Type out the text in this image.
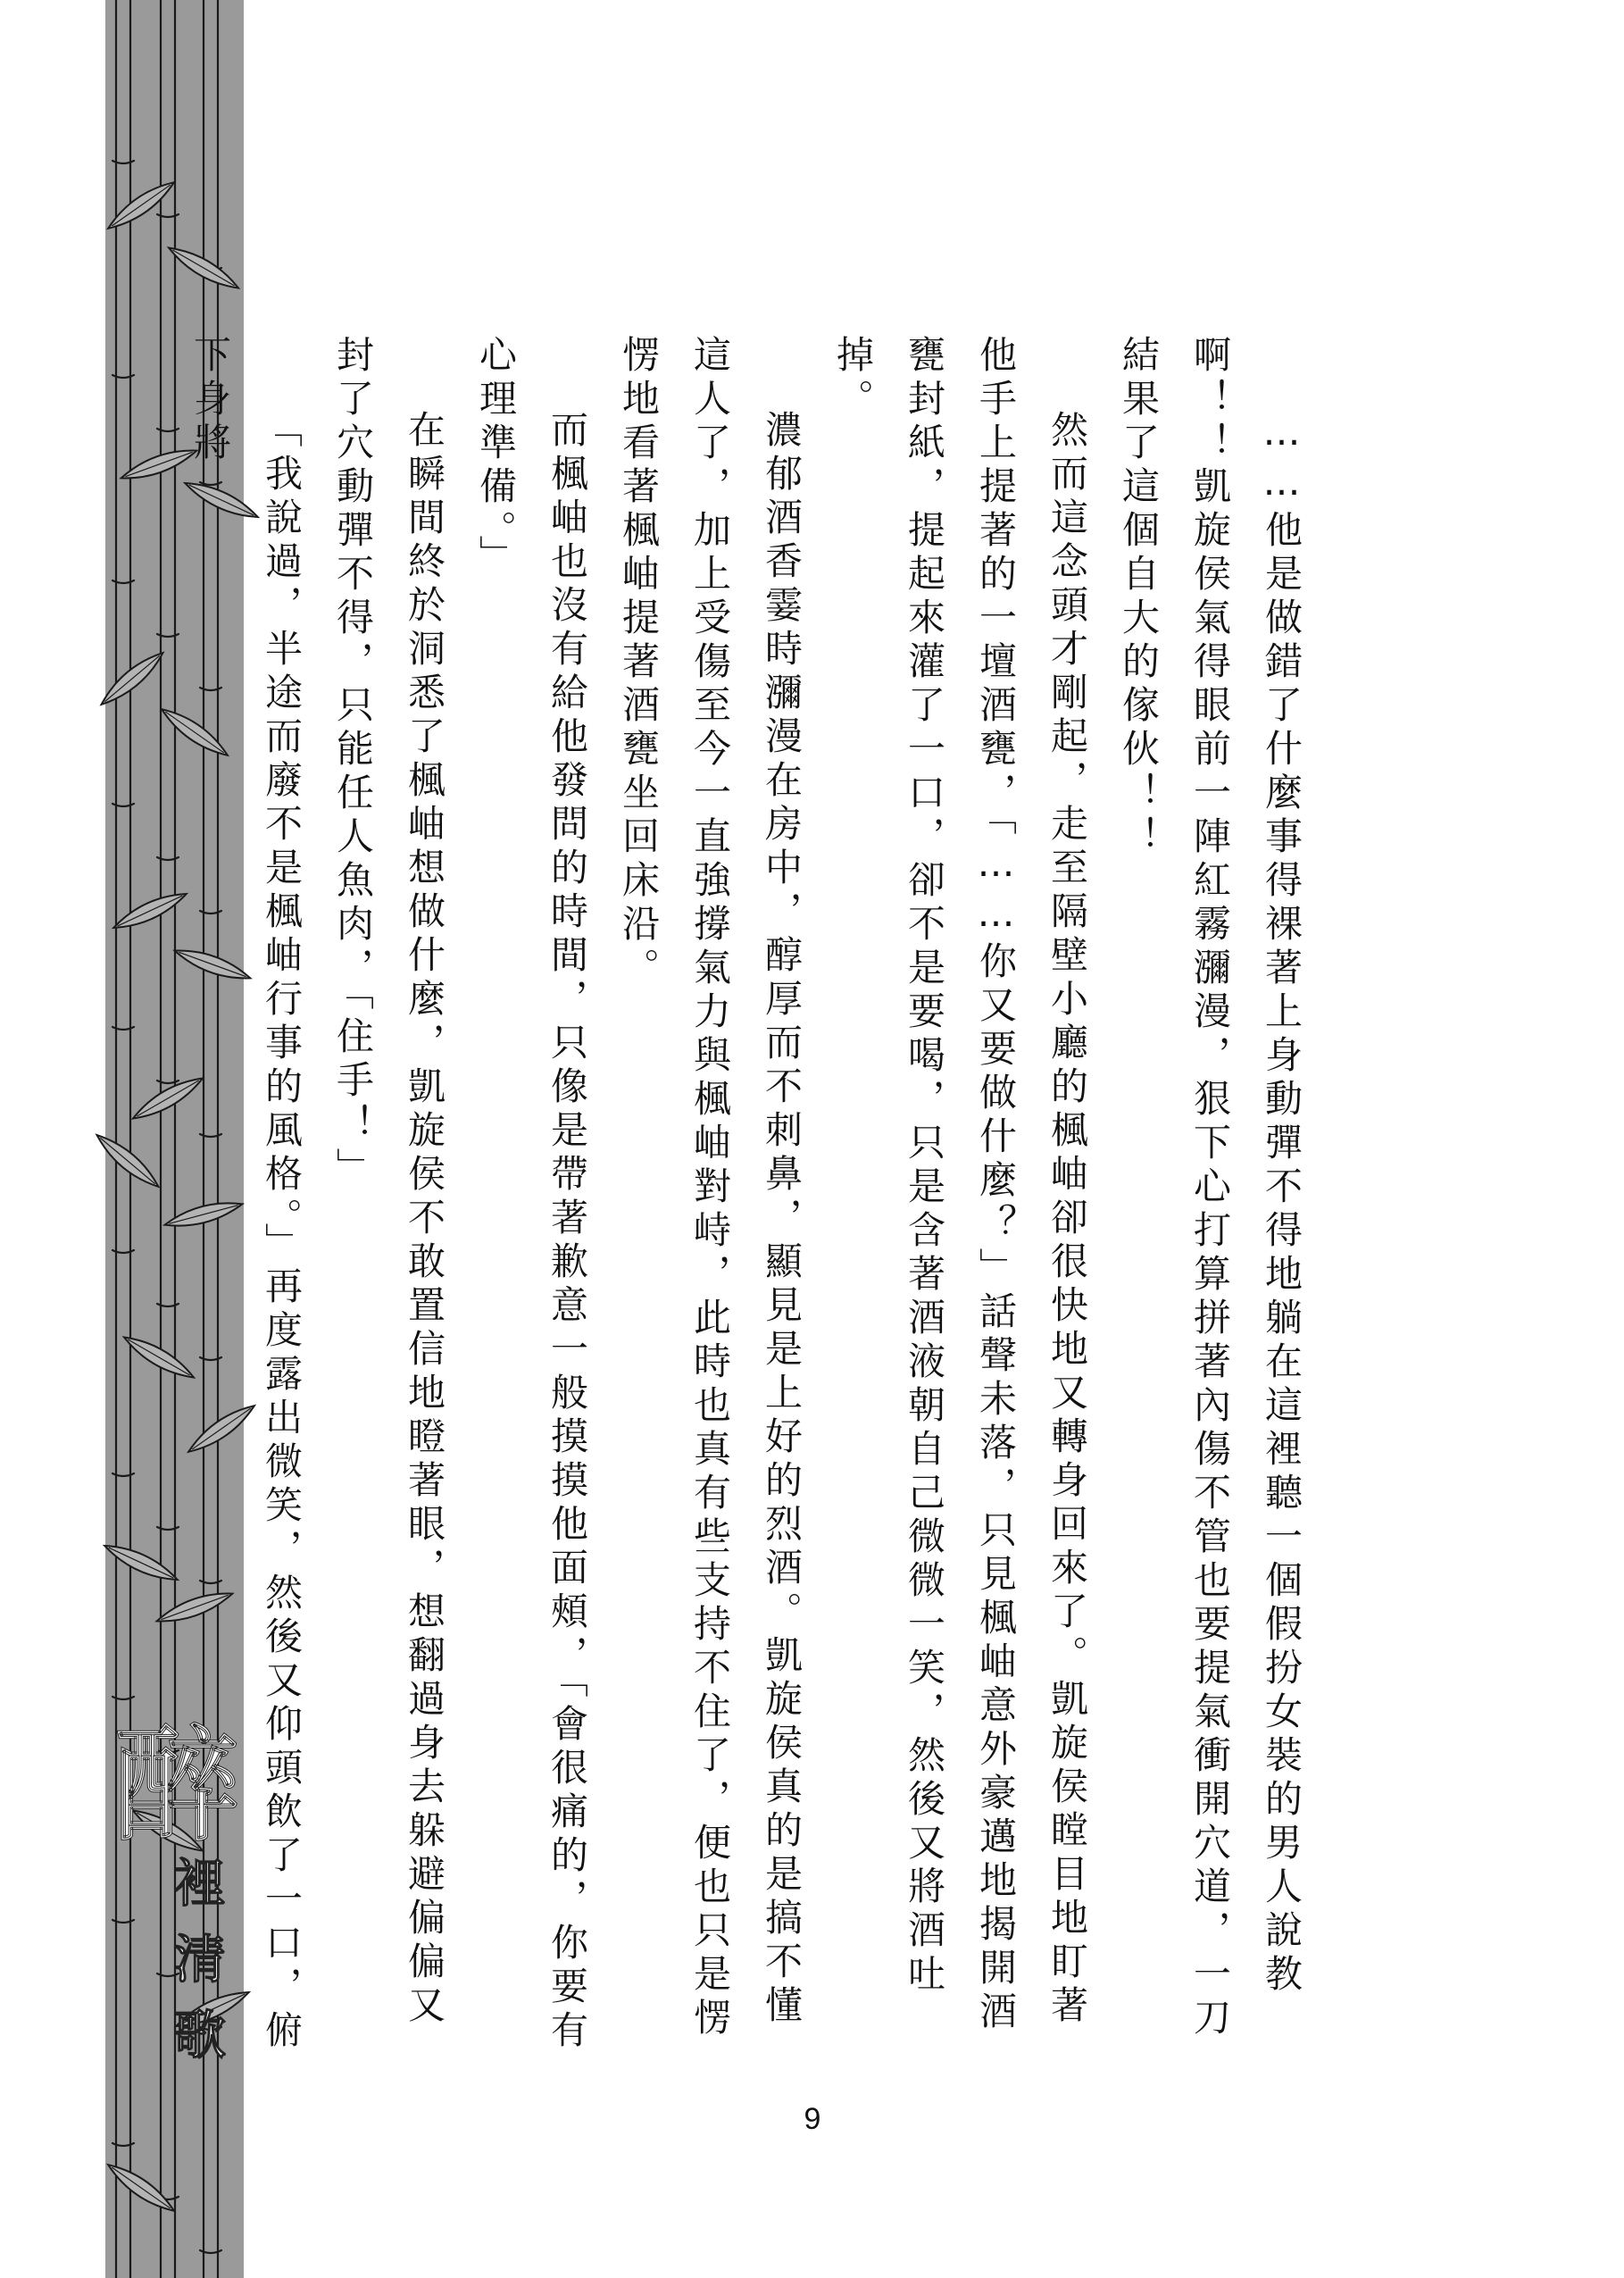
醉
裡
清
歌

……他是做錯了什麼事得裸著上身動彈不得地躺在這裡聽一個假扮女裝的男人說教啊！！凱旋侯氣得眼前一陣紅霧瀰漫，狠下心打算拼著內傷不管也要提氣衝開穴道，一刀結果了這個自大的傢伙！！

然而這念頭才剛起，走至隔壁小廳的楓岫卻很快地又轉身回來了。凱旋侯瞠目地盯著他手上提著的一壇酒甕，「……你又要做什麼？」話聲未落，只見楓岫意外豪邁地揭開酒甕封紙，提起來灌了一口，卻不是要喝，只是含著酒液朝自己微微一笑，然後又將酒吐掉。

濃郁酒香霎時瀰漫在房中，醇厚而不刺鼻，顯見是上好的烈酒。凱旋侯真的是搞不懂這人了，加上受傷至今一直強撐氣力與楓岫對峙，此時也真有些支持不住了，便也只是愣愣地看著楓岫提著酒甕坐回床沿。

而楓岫也沒有給他發問的時間，只像是帶著歉意一般摸摸他面頰，「會很痛的，你要有心理準備。」

在瞬間終於洞悉了楓岫想做什麼，凱旋侯不敢置信地瞪著眼，想翻過身去躲避偏偏又封了穴動彈不得，只能任人魚肉，「住手！」

「我說過，半途而廢不是楓岫行事的風格。」再度露出微笑，然後又仰頭飲了一口，俯下身將

9
